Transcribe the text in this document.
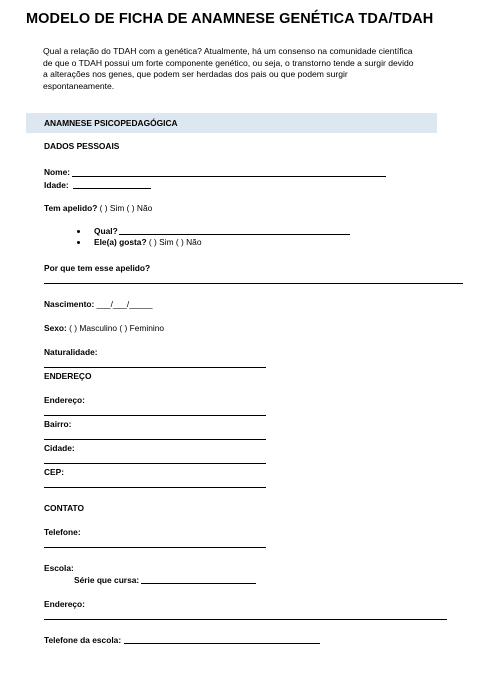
MODELO DE FICHA DE ANAMNESE GENÉTICA TDA/TDAH
Qual a relação do TDAH com a genética? Atualmente, há um consenso na comunidade científica
de que o TDAH possui um forte componente genético, ou seja, o transtorno tende a surgir devido
a alterações nos genes, que podem ser herdadas dos pais ou que podem surgir
espontaneamente.
ANAMNESE PSICOPEDAGÓGICA
DADOS PESSOAIS
Nome:
Idade:
Tem apelido? ( ) Sim ( ) Não
Qual?
Ele(a) gosta? ( ) Sim ( ) Não
Por que tem esse apelido?
Nascimento: ___/___/_____
Sexo: ( ) Masculino ( ) Feminino
Naturalidade:
ENDEREÇO
Endereço:
Bairro:
Cidade:
CEP:
CONTATO
Telefone:
Escola:
Série que cursa:
Endereço:
Telefone da escola:
